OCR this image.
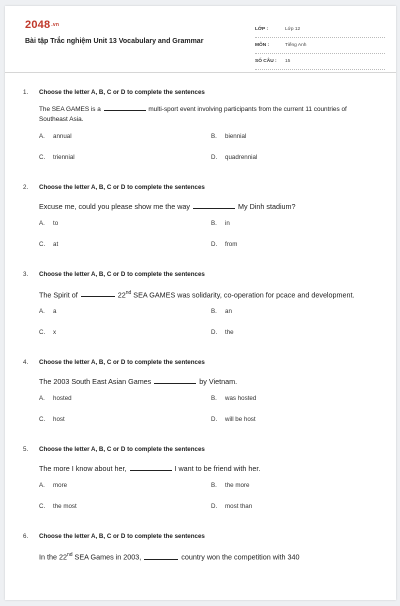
2048.vn
Bài tập Trắc nghiệm Unit 13 Vocabulary and Grammar
LỚP :	Lớp 12
MÔN :	Tiếng Anh
SỐ CÂU :	15
1.	Choose the letter A, B, C or D to complete the sentences
The SEA GAMES is a	multi-sport event involving participants from the current 11 countries of Southeast Asia.
A.	annual	B.	biennial
C.	triennial	D.	quadrennial
2.	Choose the letter A, B, C or D to complete the sentences
Excuse me, could you please show me the way	My Dinh stadium?
A.	to	B.	in
C.	at	D.	from
3.	Choose the letter A, B, C or D to complete the sentences
The Spirit of	22nd SEA GAMES was solidarity, co-operation for pcace and development.
A.	a	B.	an
C.	x	D.	the
4.	Choose the letter A, B, C or D to complete the sentences
The 2003 South East Asian Games	by Vietnam.
A.	hosted	B.	was hosted
C.	host	D.	will be host
5.	Choose the letter A, B, C or D to complete the sentences
The more I know about her,	I want to be friend with her.
A.	more	B.	the more
C.	the most	D.	most than
6.	Choose the letter A, B, C or D to complete the sentences
In the 22nd SEA Games in 2003,	country won the competition with 340
